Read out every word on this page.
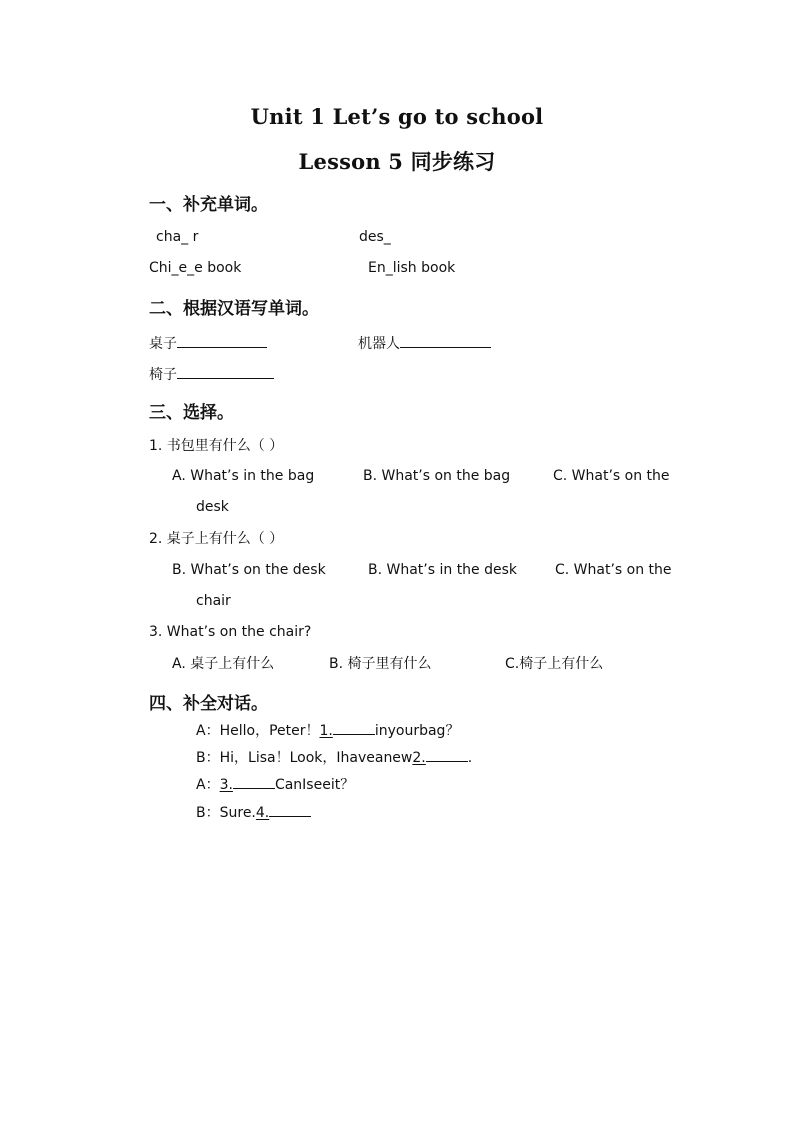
Unit 1 Let’s go to school
Lesson 5 同步练习
一、补充单词。
cha_ r	des_
Chi_e_e book	En_lish book
二、根据汉语写单词。
桌子	机器人
椅子
三、选择。
1. 书包里有什么（ ）
A. What’s in the bag	B. What’s on the bag	C. What’s on the
desk
2. 桌子上有什么（ ）
B. What’s on the desk	B. What’s in the desk	C. What’s on the
chair
3. What’s on the chair?
A. 桌子上有什么	B. 椅子里有什么	C.椅子上有什么
四、补全对话。
A：Hello，Peter！1.	inyourbag？
B：Hi，Lisa！Look，Ihaveanew2.	.
A：3.	CanIseeit？
B：Sure.4.
